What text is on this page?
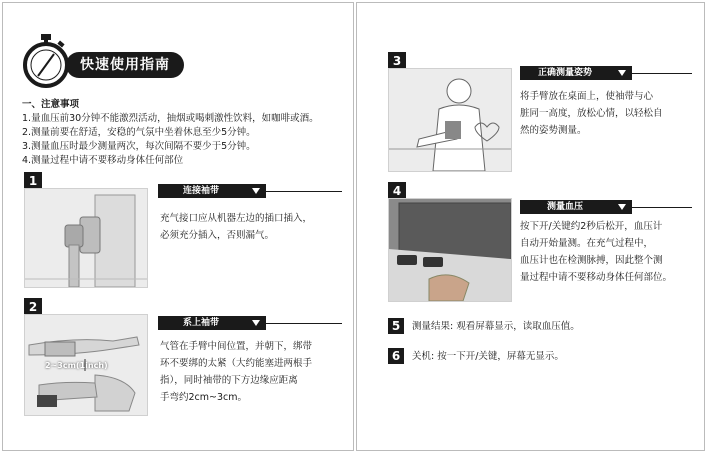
快速使用指南
一、注意事项
1.量血压前30分钟不能激烈活动，抽烟或喝刺激性饮料，如咖啡或酒。
2.测量前要在舒适，安稳的气氛中坐着休息至少5分钟。
3.测量血压时最少测量两次，每次间隔不要少于5分钟。
4.测量过程中请不要移动身体任何部位
1
连接袖带
充气接口应从机器左边的插口插入，
必须充分插入，否则漏气。
2
2~3cm(1inch)
系上袖带
气管在手臂中间位置，并朝下，绑带
环不要绑的太紧（大约能塞进两根手
指），同时袖带的下方边缘应距离
手弯约2cm~3cm。
3
正确测量姿势
将手臂放在桌面上，使袖带与心
脏同一高度，放松心情，以轻松自
然的姿势测量。
4
测量血压
按下开/关键约2秒后松开，血压计
自动开始量测。在充气过程中，
血压计也在检测脉搏，因此整个测
量过程中请不要移动身体任何部位。
5	测量结果: 观看屏幕显示，读取血压值。
6	关机: 按一下开/关键，屏幕无显示。
